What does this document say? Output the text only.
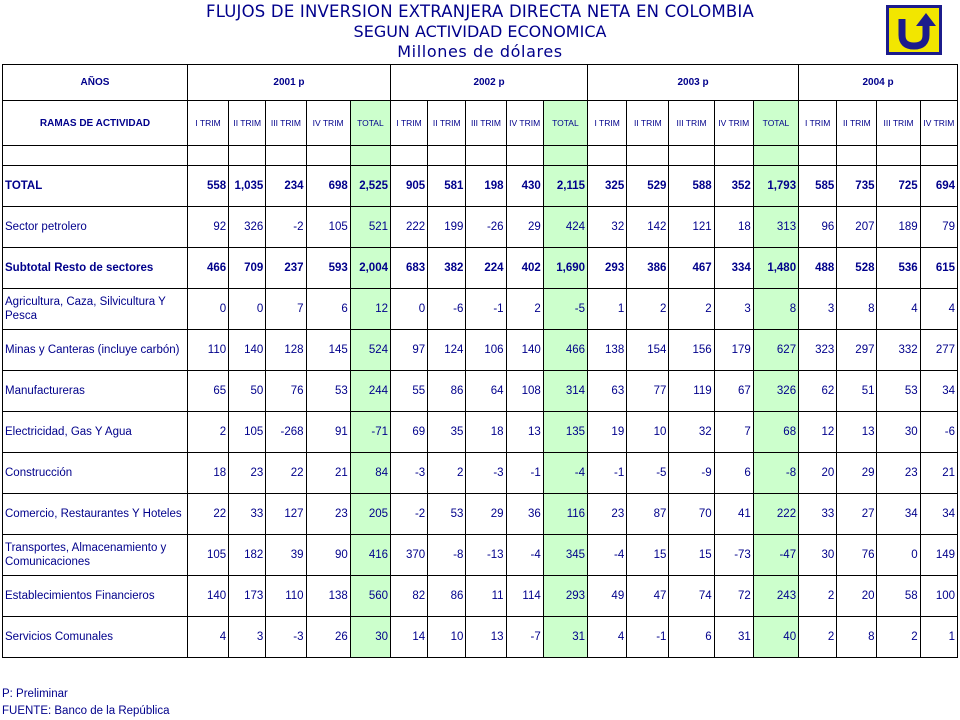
FLUJOS DE INVERSION EXTRANJERA DIRECTA NETA EN COLOMBIA
SEGUN ACTIVIDAD ECONOMICA
Millones de dólares
AÑOS	2001 p					2002 p					2003 p					2004 p			
RAMAS DE ACTIVIDAD	I TRIM	II TRIM	III TRIM	IV TRIM	TOTAL	I TRIM	II TRIM	III TRIM	IV TRIM	TOTAL	I TRIM	II TRIM	III TRIM	IV TRIM	TOTAL	I TRIM	II TRIM	III TRIM	IV TRIM

TOTAL	558	1,035	234	698	2,525	905	581	198	430	2,115	325	529	588	352	1,793	585	735	725	694
Sector petrolero	92	326	-2	105	521	222	199	-26	29	424	32	142	121	18	313	96	207	189	79
Subtotal Resto de sectores	466	709	237	593	2,004	683	382	224	402	1,690	293	386	467	334	1,480	488	528	536	615
Agricultura, Caza, Silvicultura Y Pesca	0	0	7	6	12	0	-6	-1	2	-5	1	2	2	3	8	3	8	4	4
Minas y Canteras (incluye carbón)	110	140	128	145	524	97	124	106	140	466	138	154	156	179	627	323	297	332	277
Manufactureras	65	50	76	53	244	55	86	64	108	314	63	77	119	67	326	62	51	53	34
Electricidad, Gas Y Agua	2	105	-268	91	-71	69	35	18	13	135	19	10	32	7	68	12	13	30	-6
Construcción	18	23	22	21	84	-3	2	-3	-1	-4	-1	-5	-9	6	-8	20	29	23	21
Comercio, Restaurantes Y Hoteles	22	33	127	23	205	-2	53	29	36	116	23	87	70	41	222	33	27	34	34
Transportes, Almacenamiento y Comunicaciones	105	182	39	90	416	370	-8	-13	-4	345	-4	15	15	-73	-47	30	76	0	149
Establecimientos Financieros	140	173	110	138	560	82	86	11	114	293	49	47	74	72	243	2	20	58	100
Servicios Comunales	4	3	-3	26	30	14	10	13	-7	31	4	-1	6	31	40	2	8	2	1
P: Preliminar
FUENTE: Banco de la República
